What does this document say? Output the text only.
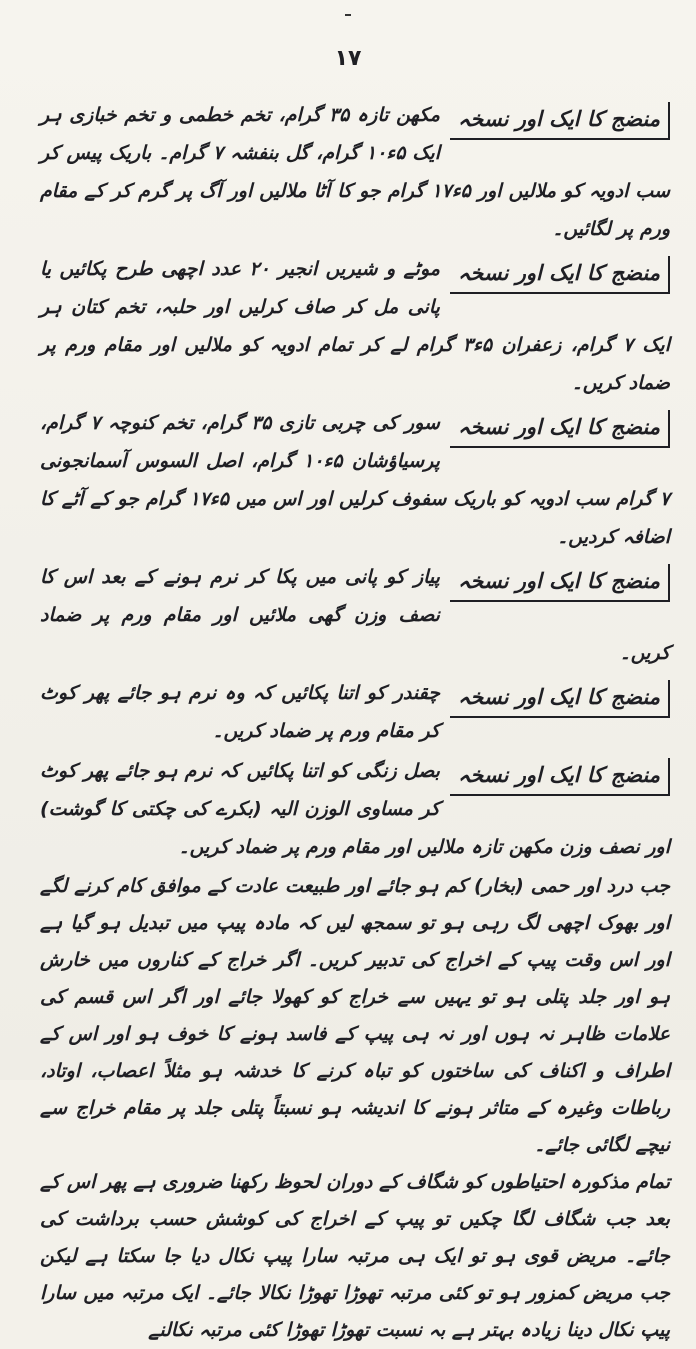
۱۷
منضج کا ایک اور نسخہ
مکھن تازہ ۳۵ گرام، تخم خطمی و تخم خبازی ہر ایک ۵ء۱۰ گرام، گل بنفشہ ۷ گرام۔ باریک پیس کر سب ادویہ کو ملالیں اور ۵ء۱۷ گرام جو کا آٹا ملالیں اور آگ پر گرم کر کے مقام ورم پر لگائیں۔
منضج کا ایک اور نسخہ
موٹے و شیریں انجیر ۲۰ عدد اچھی طرح پکائیں یا پانی مل کر صاف کرلیں اور حلبہ، تخم کتان ہر ایک ۷ گرام، زعفران ۵ء۳ گرام لے کر تمام ادویہ کو ملالیں اور مقام ورم پر ضماد کریں۔
منضج کا ایک اور نسخہ
سور کی چربی تازی ۳۵ گرام، تخم کنوچہ ۷ گرام، پرسیاؤشان ۵ء۱۰ گرام، اصل السوس آسمانجونی ۷ گرام سب ادویہ کو باریک سفوف کرلیں اور اس میں ۵ء۱۷ گرام جو کے آٹے کا اضافہ کردیں۔
منضج کا ایک اور نسخہ
پیاز کو پانی میں پکا کر نرم ہونے کے بعد اس کا نصف وزن گھی ملائیں اور مقام ورم پر ضماد کریں۔
منضج کا ایک اور نسخہ
چقندر کو اتنا پکائیں کہ وہ نرم ہو جائے پھر کوٹ کر مقام ورم پر ضماد کریں۔
منضج کا ایک اور نسخہ
بصل زنگی کو اتنا پکائیں کہ نرم ہو جائے پھر کوٹ کر مساوی الوزن الیہ (بکرے کی چکتی کا گوشت) اور نصف وزن مکھن تازہ ملالیں اور مقام ورم پر ضماد کریں۔

جب درد اور حمی (بخار) کم ہو جائے اور طبیعت عادت کے موافق کام کرنے لگے اور بھوک اچھی لگ رہی ہو تو سمجھ لیں کہ مادہ پیپ میں تبدیل ہو گیا ہے اور اس وقت پیپ کے اخراج کی تدبیر کریں۔ اگر خراج کے کناروں میں خارش ہو اور جلد پتلی ہو تو یہیں سے خراج کو کھولا جائے اور اگر اس قسم کی علامات ظاہر نہ ہوں اور نہ ہی پیپ کے فاسد ہونے کا خوف ہو اور اس کے اطراف و اکناف کی ساختوں کو تباہ کرنے کا خدشہ ہو مثلاً اعصاب، اوتاد، رباطات وغیرہ کے متاثر ہونے کا اندیشہ ہو نسبتاً پتلی جلد پر مقام خراج سے نیچے لگائی جائے۔

تمام مذکورہ احتیاطوں کو شگاف کے دوران لحوظ رکھنا ضروری ہے پھر اس کے بعد جب شگاف لگا چکیں تو پیپ کے اخراج کی کوشش حسب برداشت کی جائے۔ مریض قوی ہو تو ایک ہی مرتبہ سارا پیپ نکال دیا جا سکتا ہے لیکن جب مریض کمزور ہو تو کئی مرتبہ تھوڑا تھوڑا نکالا جائے۔ ایک مرتبہ میں سارا پیپ نکال دینا زیادہ بہتر ہے بہ نسبت تھوڑا تھوڑا کئی مرتبہ نکالنے
